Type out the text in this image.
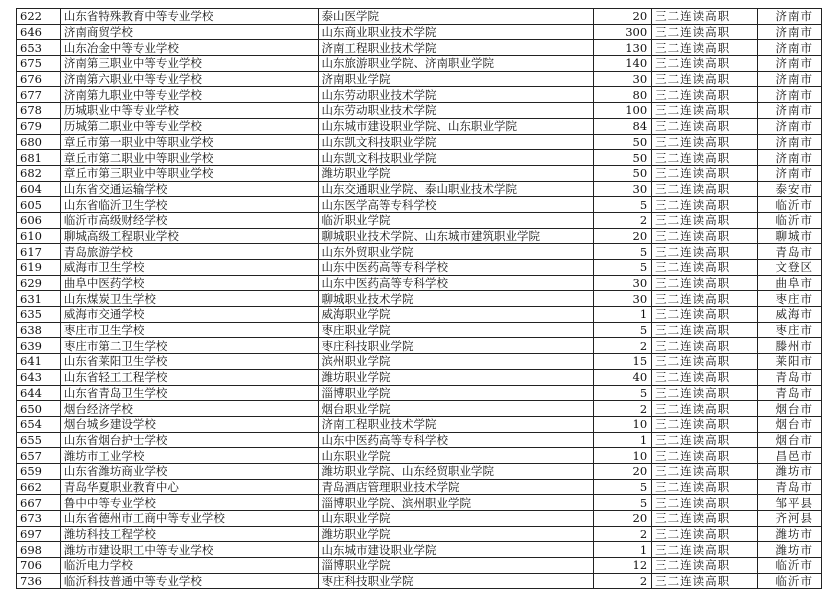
622	山东省特殊教育中等专业学校	泰山医学院	20	三二连读高职	济南市
646	济南商贸学校	山东商业职业技术学院	300	三二连读高职	济南市
653	山东冶金中等专业学校	济南工程职业技术学院	130	三二连读高职	济南市
675	济南第三职业中等专业学校	山东旅游职业学院、济南职业学院	140	三二连读高职	济南市
676	济南第六职业中等专业学校	济南职业学院	30	三二连读高职	济南市
677	济南第九职业中等专业学校	山东劳动职业技术学院	80	三二连读高职	济南市
678	历城职业中等专业学校	山东劳动职业技术学院	100	三二连读高职	济南市
679	历城第二职业中等专业学校	山东城市建设职业学院、山东职业学院	84	三二连读高职	济南市
680	章丘市第一职业中等职业学校	山东凯文科技职业学院	50	三二连读高职	济南市
681	章丘市第二职业中等职业学校	山东凯文科技职业学院	50	三二连读高职	济南市
682	章丘市第三职业中等职业学校	潍坊职业学院	50	三二连读高职	济南市
604	山东省交通运输学校	山东交通职业学院、泰山职业技术学院	30	三二连读高职	泰安市
605	山东省临沂卫生学校	山东医学高等专科学校	5	三二连读高职	临沂市
606	临沂市高级财经学校	临沂职业学院	2	三二连读高职	临沂市
610	聊城高级工程职业学校	聊城职业技术学院、山东城市建筑职业学院	20	三二连读高职	聊城市
617	青岛旅游学校	山东外贸职业学院	5	三二连读高职	青岛市
619	威海市卫生学校	山东中医药高等专科学校	5	三二连读高职	文登区
629	曲阜中医药学校	山东中医药高等专科学校	30	三二连读高职	曲阜市
631	山东煤炭卫生学校	聊城职业技术学院	30	三二连读高职	枣庄市
635	威海市交通学校	威海职业学院	1	三二连读高职	威海市
638	枣庄市卫生学校	枣庄职业学院	5	三二连读高职	枣庄市
639	枣庄市第二卫生学校	枣庄科技职业学院	2	三二连读高职	滕州市
641	山东省莱阳卫生学校	滨州职业学院	15	三二连读高职	莱阳市
643	山东省轻工工程学校	潍坊职业学院	40	三二连读高职	青岛市
644	山东省青岛卫生学校	淄博职业学院	5	三二连读高职	青岛市
650	烟台经济学校	烟台职业学院	2	三二连读高职	烟台市
654	烟台城乡建设学校	济南工程职业技术学院	10	三二连读高职	烟台市
655	山东省烟台护士学校	山东中医药高等专科学校	1	三二连读高职	烟台市
657	潍坊市工业学校	山东职业学院	10	三二连读高职	昌邑市
659	山东省潍坊商业学校	潍坊职业学院、山东经贸职业学院	20	三二连读高职	潍坊市
662	青岛华夏职业教育中心	青岛酒店管理职业技术学院	5	三二连读高职	青岛市
667	鲁中中等专业学校	淄博职业学院、滨州职业学院	5	三二连读高职	邹平县
673	山东省德州市工商中等专业学校	山东职业学院	20	三二连读高职	齐河县
697	潍坊科技工程学校	潍坊职业学院	2	三二连读高职	潍坊市
698	潍坊市建设职工中等专业学校	山东城市建设职业学院	1	三二连读高职	潍坊市
706	临沂电力学校	淄博职业学院	12	三二连读高职	临沂市
736	临沂科技普通中等专业学校	枣庄科技职业学院	2	三二连读高职	临沂市
